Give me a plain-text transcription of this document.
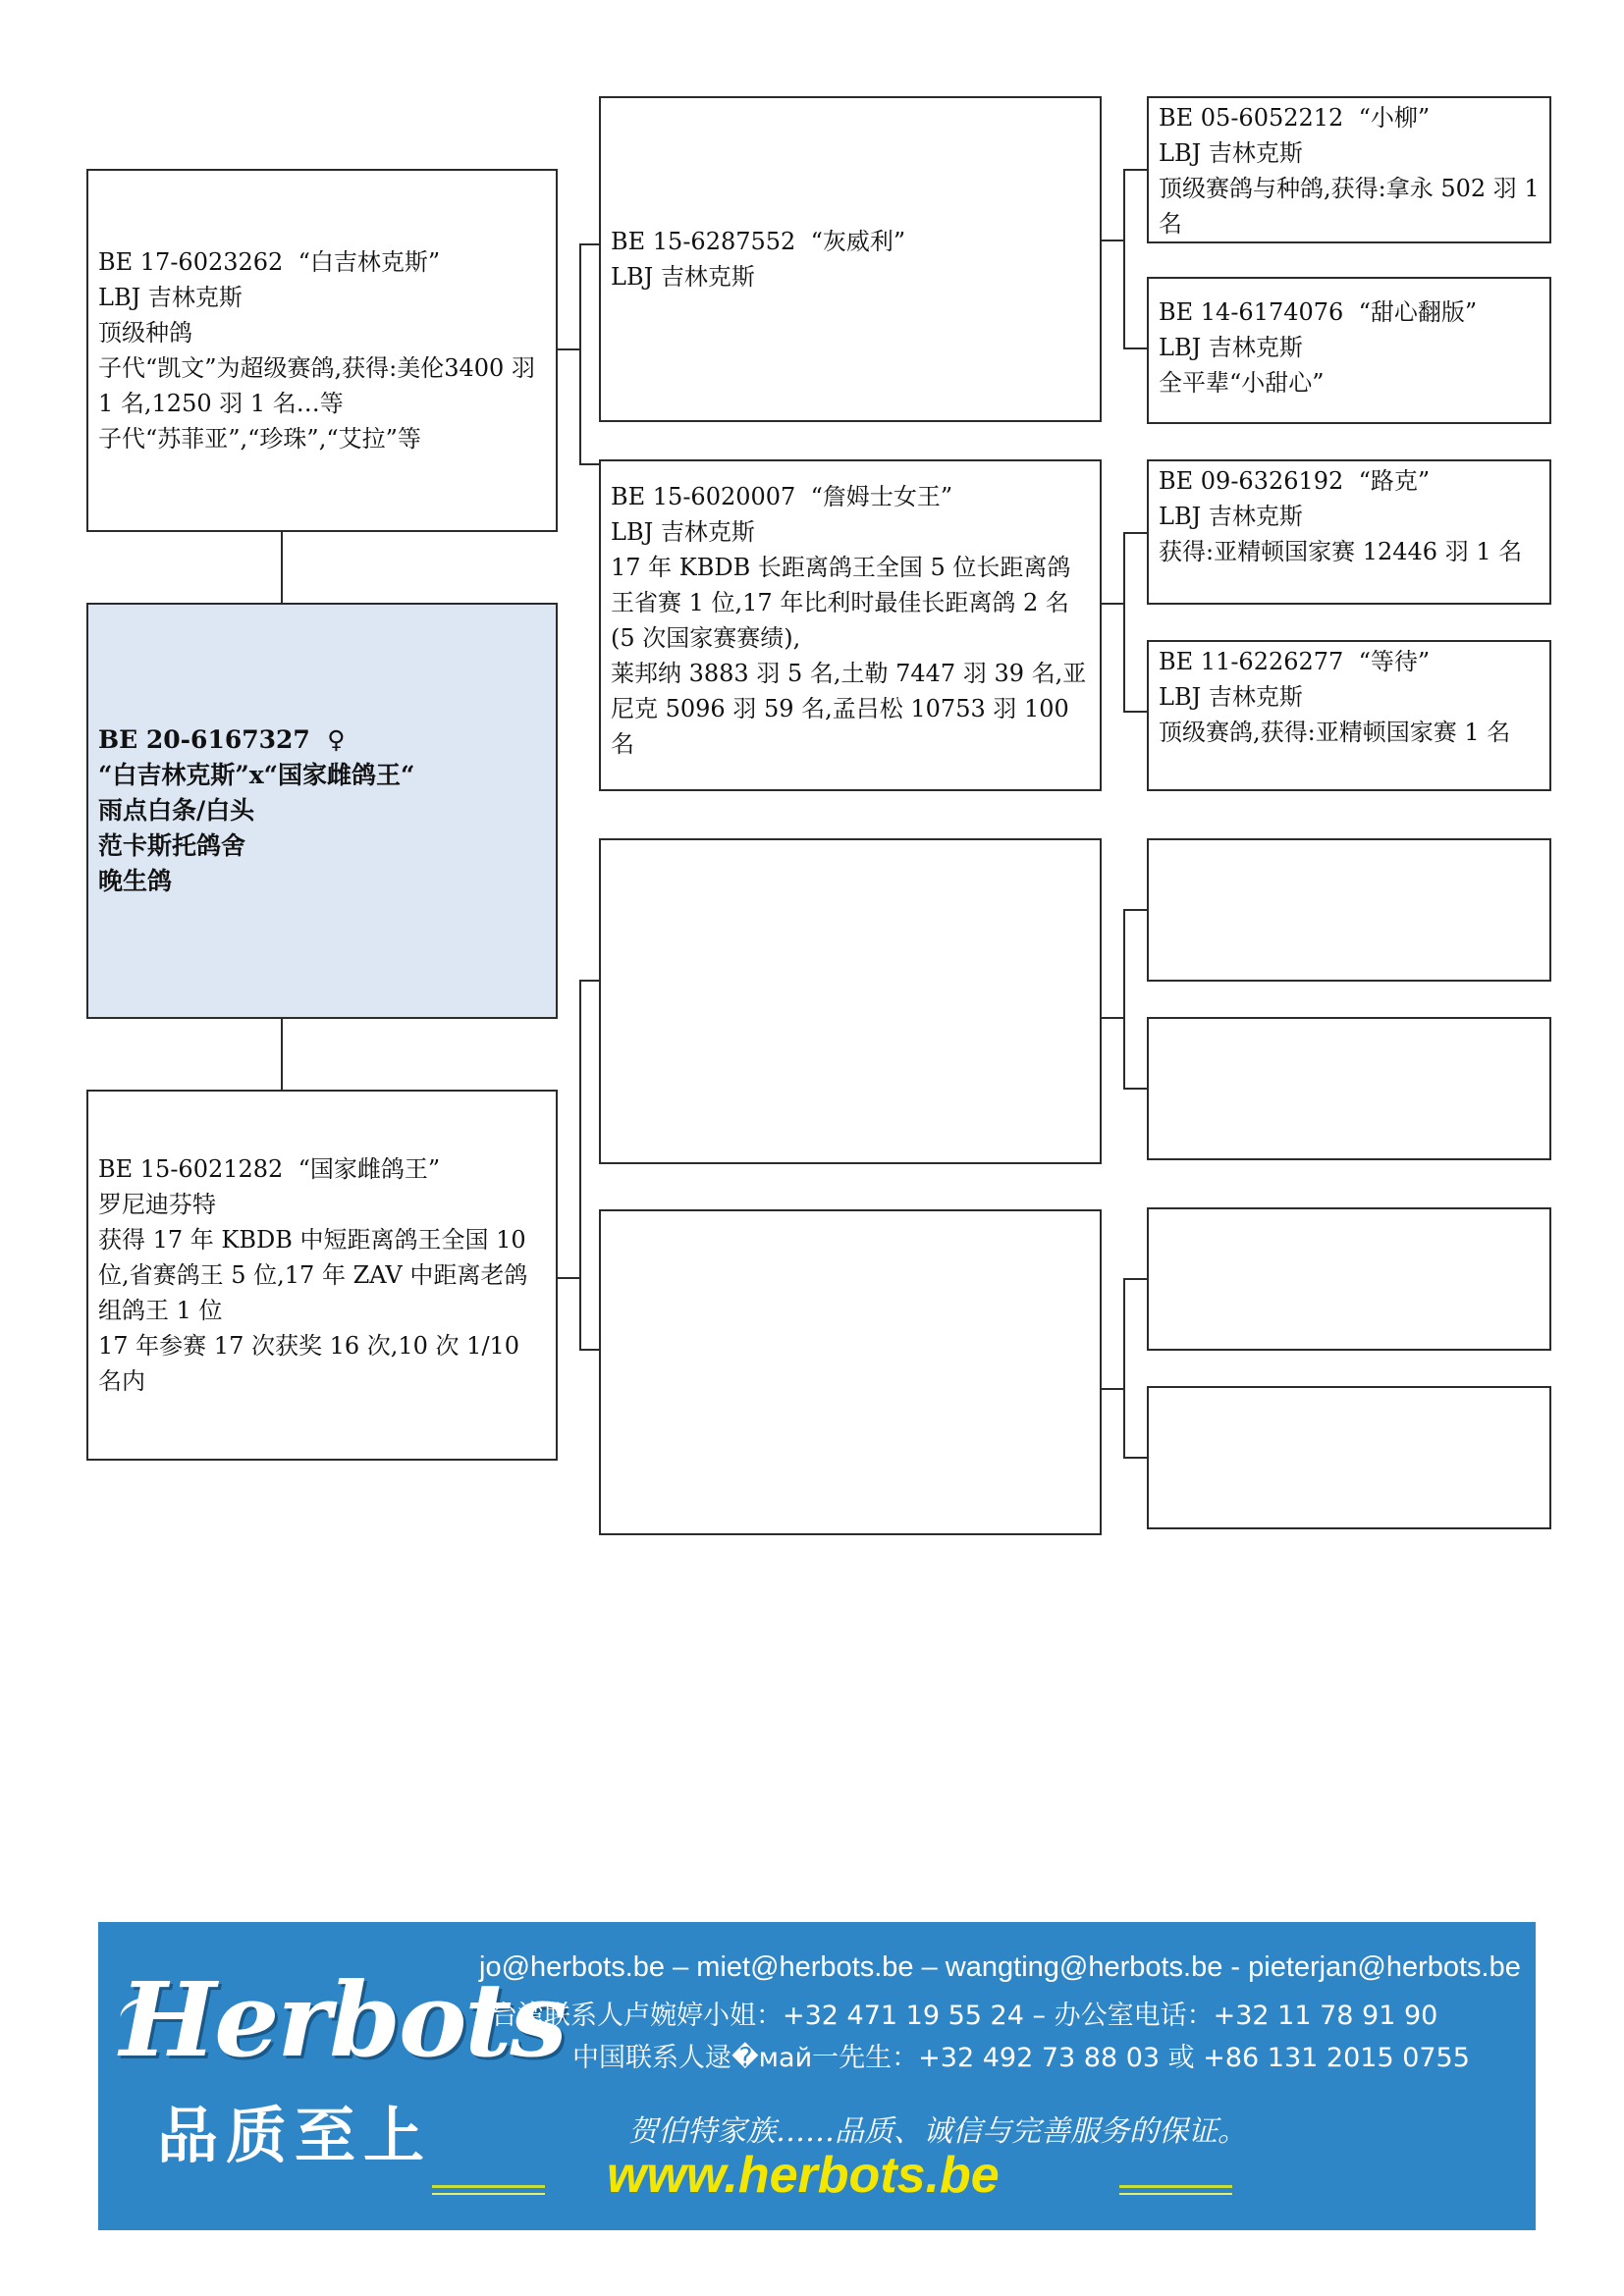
BE 17-6023262  “白吉林克斯”
LBJ 吉林克斯
顶级种鸽
子代“凯文”为超级赛鸽,获得:美伦3400 羽 1 名,1250 羽 1 名…等
子代“苏菲亚”,“珍珠”,“艾拉”等
BE 20-6167327  ♀
“白吉林克斯”x“国家雌鸽王“
雨点白条/白头
范卡斯托鸽舍
晚生鸽
BE 15-6021282  “国家雌鸽王”
罗尼迪芬特
获得 17 年 KBDB 中短距离鸽王全国 10 位,省赛鸽王 5 位,17 年 ZAV 中距离老鸽组鸽王 1 位
17 年参赛 17 次获奖 16 次,10 次 1/10 名内
BE 15-6287552  “灰威利”
LBJ 吉林克斯
BE 15-6020007  “詹姆士女王”
LBJ 吉林克斯
17 年 KBDB 长距离鸽王全国 5 位长距离鸽王省赛 1 位,17 年比利时最佳长距离鸽 2 名(5 次国家赛赛绩),
莱邦纳 3883 羽 5 名,土勒 7447 羽 39 名,亚尼克 5096 羽 59 名,孟吕松 10753 羽 100 名
BE 05-6052212  “小柳”
LBJ 吉林克斯
顶级赛鸽与种鸽,获得:拿永 502 羽 1 名
BE 14-6174076  “甜心翻版”
LBJ 吉林克斯
全平辈“小甜心”
BE 09-6326192  “路克”
LBJ 吉林克斯
获得:亚精顿国家赛 12446 羽 1 名
BE 11-6226277  “等待”
LBJ 吉林克斯
顶级赛鸽,获得:亚精顿国家赛 1 名
Herbots
品质至上
jo@herbots.be – miet@herbots.be – wangting@herbots.be - pieterjan@herbots.be
台湾联系人卢婉婷小姐：+32 471 19 55 24 – 办公室电话：+32 11 78 91 90
中国联系人逯�май一先生：+32 492 73 88 03 或 +86 131 2015 0755
贺伯特家族……品质、诚信与完善服务的保证。
www.herbots.be
